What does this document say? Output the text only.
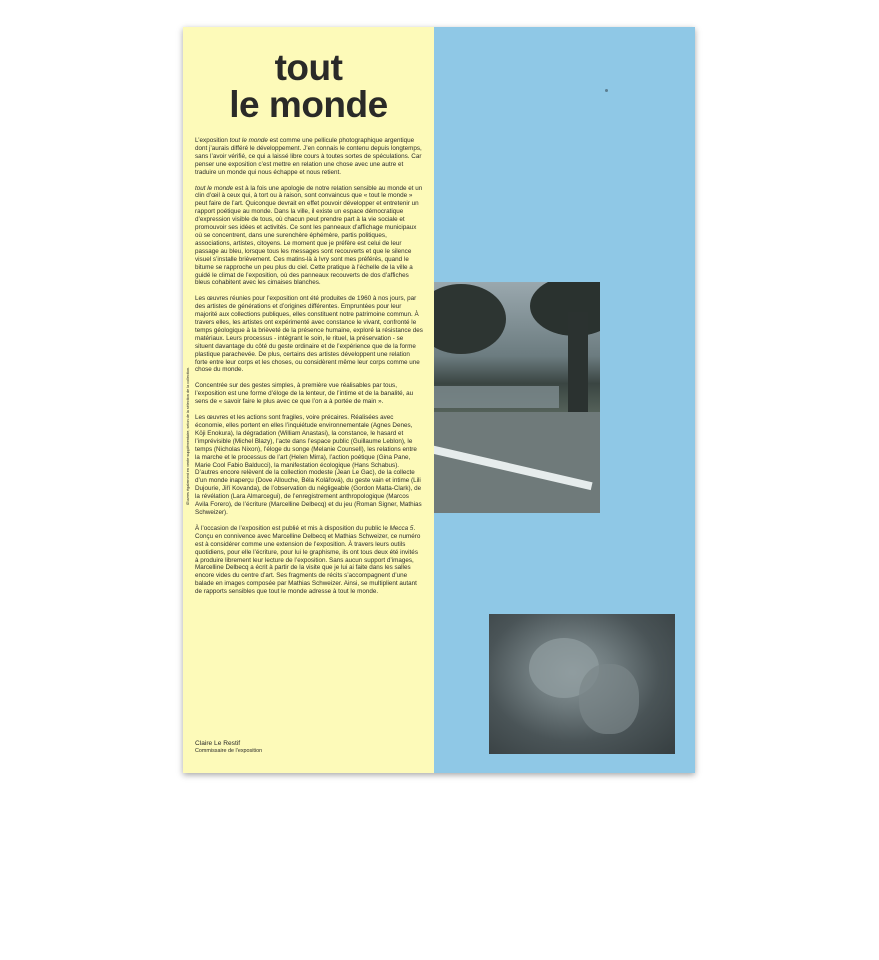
tout
le monde

L’exposition tout le monde est comme une pellicule photographique argentique dont j’aurais différé le développement. J’en connais le contenu depuis longtemps, sans l’avoir vérifié, ce qui a laissé libre cours à toutes sortes de spéculations. Car penser une exposition c’est mettre en relation une chose avec une autre et traduire un monde qui nous échappe et nous retient.

tout le monde est à la fois une apologie de notre relation sensible au monde et un clin d’œil à ceux qui, à tort ou à raison, sont convaincus que « tout le monde » peut faire de l’art. Quiconque devrait en effet pouvoir développer et entretenir un rapport poétique au monde. Dans la ville, il existe un espace démocratique d’expression visible de tous, où chacun peut prendre part à la vie sociale et promouvoir ses idées et activités. Ce sont les panneaux d’affichage municipaux où se concentrent, dans une surenchère éphémère, partis politiques, associations, artistes, citoyens. Le moment que je préfère est celui de leur passage au bleu, lorsque tous les messages sont recouverts et que le silence visuel s’installe brièvement. Ces matins-là à Ivry sont mes préférés, quand le bitume se rapproche un peu plus du ciel. Cette pratique à l’échelle de la ville a guidé le climat de l’exposition, où des panneaux recouverts de dos d’affiches bleus cohabitent avec les cimaises blanches.

Les œuvres réunies pour l’exposition ont été produites de 1960 à nos jours, par des artistes de générations et d’origines différentes. Empruntées pour leur majorité aux collections publiques, elles constituent notre patrimoine commun. À travers elles, les artistes ont expérimenté avec constance le vivant, confronté le temps géologique à la brièveté de la présence humaine, exploré la résistance des matériaux. Leurs processus - intégrant le soin, le rituel, la préservation - se situent davantage du côté du geste ordinaire et de l’expérience que de la forme plastique parachevée. De plus, certains des artistes développent une relation forte entre leur corps et les choses, ou considèrent même leur corps comme une chose du monde.

Concentrée sur des gestes simples, à première vue réalisables par tous, l’exposition est une forme d’éloge de la lenteur, de l’intime et de la banalité, au sens de « savoir faire le plus avec ce que l’on a à portée de main ».

Les œuvres et les actions sont fragiles, voire précaires. Réalisées avec économie, elles portent en elles l’inquiétude environnementale (Agnes Denes, Kōji Enokura), la dégradation (William Anastasi), la constance, le hasard et l’imprévisible (Michel Blazy), l’acte dans l’espace public (Guillaume Leblon), le temps (Nicholas Nixon), l’éloge du songe (Melanie Counsell), les relations entre la marche et le processus de l’art (Helen Mirra), l’action poétique (Gina Pane, Marie Cool Fabio Balducci), la manifestation écologique (Hans Schabus). D’autres encore relèvent de la collection modeste (Jean Le Gac), de la collecte d’un monde inaperçu (Dove Allouche, Béla Kolářová), du geste vain et intime (Lili Dujourie, Jiří Kovanda), de l’observation du négligeable (Gordon Matta-Clark), de la révélation (Lara Almarcegui), de l’enregistrement anthropologique (Marcos Avila Forero), de l’écriture (Marcelline Delbecq) et du jeu (Roman Signer, Mathias Schweizer).

À l’occasion de l’exposition est publié et mis à disposition du public le Mecca 5. Conçu en connivence avec Marcelline Delbecq et Mathias Schweizer, ce numéro est à considérer comme une extension de l’exposition. À travers leurs outils quotidiens, pour elle l’écriture, pour lui le graphisme, ils ont tous deux été invités à produire librement leur lecture de l’exposition. Sans aucun support d’images, Marcelline Delbecq a écrit à partir de la visite que je lui ai faite dans les salles encore vides du centre d’art. Ses fragments de récits s’accompagnent d’une balade en images composée par Mathias Schweizer. Ainsi, se multiplient autant de rapports sensibles que tout le monde adresse à tout le monde.

Claire Le Restif
Commissaire de l’exposition
Œuvres également en vente supplémentaire, selon de la sélection de la collection.
